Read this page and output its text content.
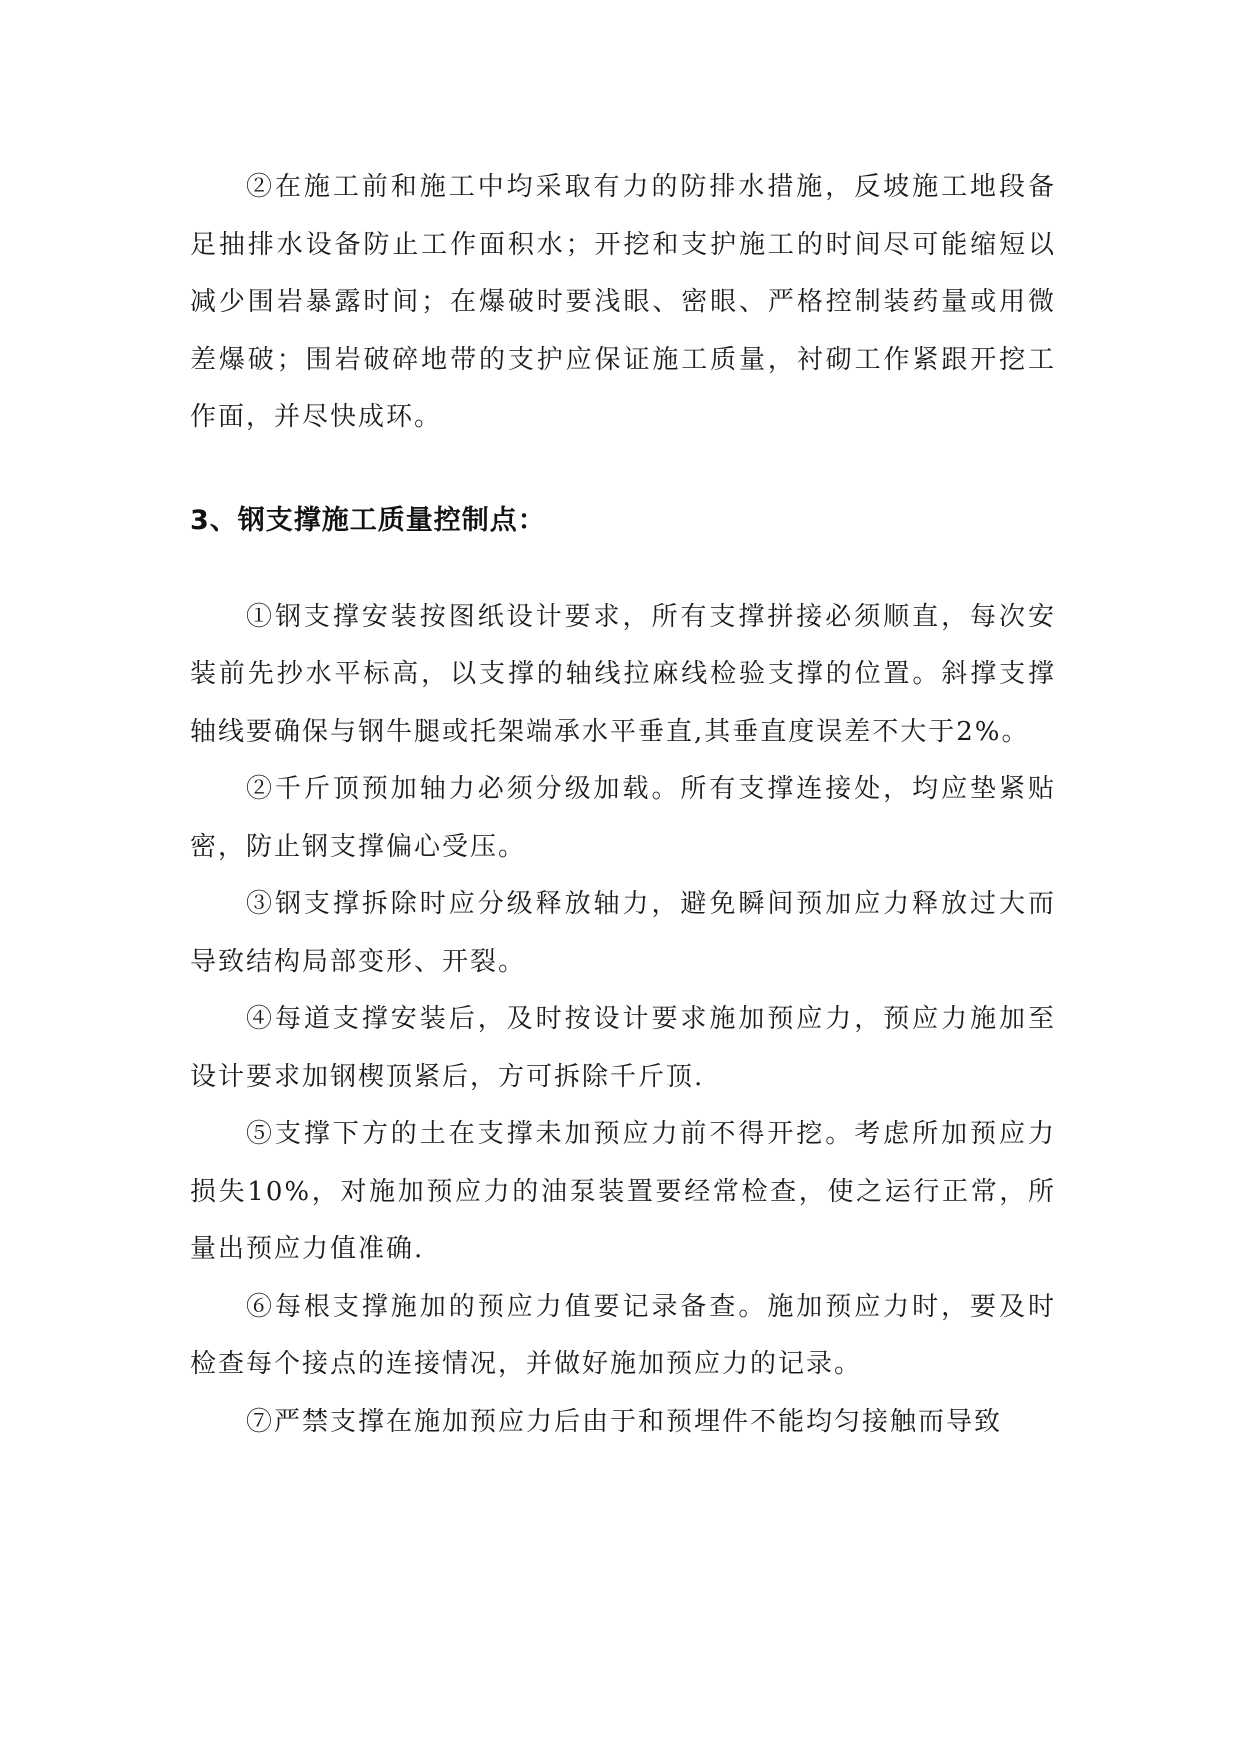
②在施工前和施工中均采取有力的防排水措施，反坡施工地段备足抽排水设备防止工作面积水；开挖和支护施工的时间尽可能缩短以减少围岩暴露时间；在爆破时要浅眼、密眼、严格控制装药量或用微差爆破；围岩破碎地带的支护应保证施工质量，衬砌工作紧跟开挖工作面，并尽快成环。

3、钢支撑施工质量控制点：

①钢支撑安装按图纸设计要求，所有支撑拼接必须顺直，每次安装前先抄水平标高，以支撑的轴线拉麻线检验支撑的位置。斜撑支撑轴线要确保与钢牛腿或托架端承水平垂直,其垂直度误差不大于2%。

②千斤顶预加轴力必须分级加载。所有支撑连接处，均应垫紧贴密，防止钢支撑偏心受压。

③钢支撑拆除时应分级释放轴力，避免瞬间预加应力释放过大而导致结构局部变形、开裂。

④每道支撑安装后，及时按设计要求施加预应力，预应力施加至设计要求加钢楔顶紧后，方可拆除千斤顶.

⑤支撑下方的土在支撑未加预应力前不得开挖。考虑所加预应力损失10%，对施加预应力的油泵装置要经常检查，使之运行正常，所量出预应力值准确.

⑥每根支撑施加的预应力值要记录备查。施加预应力时，要及时检查每个接点的连接情况，并做好施加预应力的记录。

⑦严禁支撑在施加预应力后由于和预埋件不能均匀接触而导致
